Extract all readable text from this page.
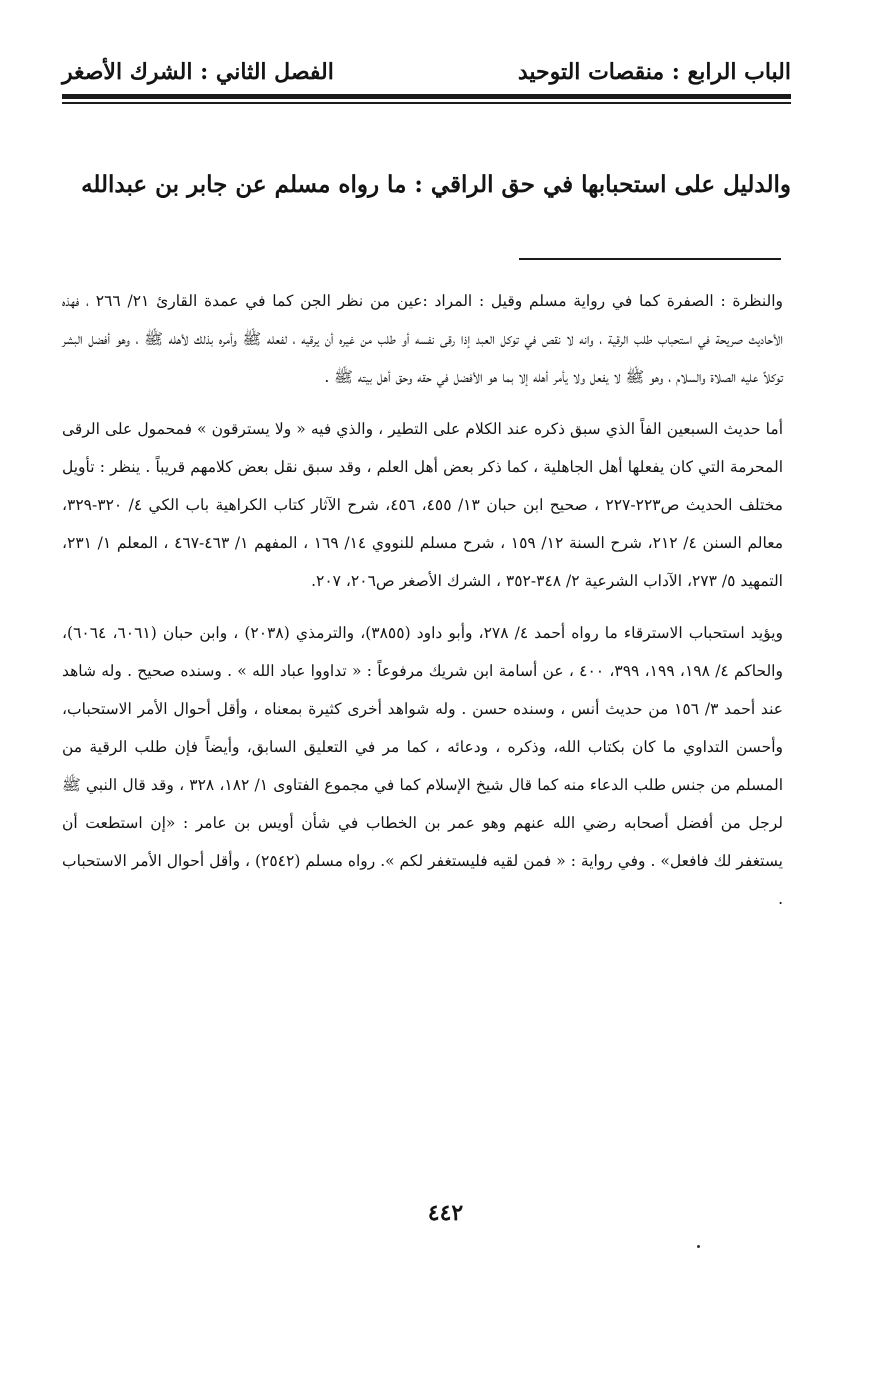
الباب الرابع : منقصات التوحيد
الفصل الثاني : الشرك الأصغر
والدليل على استحبابها في حق الراقي : ما رواه مسلم عن جابر بن عبدالله

والنظرة : الصفرة كما في رواية مسلم وقيل : المراد :عين من نظر الجن كما في عمدة القارئ ٢١/ ٢٦٦ ، فهذه الأحاديث صريحة في استحباب طلب الرقية ، وانه لا نقص في توكل العبد إذا رقى نفسه أو طلب من غيره أن يرقيه ، لفعله ﷺ وأمره بذلك لأهله ﷺ ، وهو أفضل البشر توكلاً عليه الصلاة والسلام ، وهو ﷺ لا يفعل ولا يأمر أهله إلا بما هو الأفضل في حقه وحق أهل بيته ﷺ .

أما حديث السبعين الفاً الذي سبق ذكره عند الكلام على التطير ، والذي فيه « ولا يسترقون » فمحمول على الرقى المحرمة التي كان يفعلها أهل الجاهلية ، كما ذكر بعض أهل العلم ، وقد سبق نقل بعض كلامهم قريباً . ينظر : تأويل مختلف الحديث ص٢٢٣-٢٢٧ ، صحيح ابن حبان ١٣/ ٤٥٥، ٤٥٦، شرح الآثار كتاب الكراهية باب الكي ٤/ ٣٢٠-٣٢٩، معالم السنن ٤/ ٢١٢، شرح السنة ١٢/ ١٥٩ ، شرح مسلم للنووي ١٤/ ١٦٩ ، المفهم ١/ ٤٦٣-٤٦٧ ، المعلم ١/ ٢٣١، التمهيد ٥/ ٢٧٣، الآداب الشرعية ٢/ ٣٤٨-٣٥٢ ، الشرك الأصغر ص٢٠٦، ٢٠٧.

ويؤيد استحباب الاسترقاء ما رواه أحمد ٤/ ٢٧٨، وأبو داود (٣٨٥٥)، والترمذي (٢٠٣٨) ، وابن حبان (٦٠٦١، ٦٠٦٤)، والحاكم ٤/ ١٩٨، ١٩٩، ٣٩٩، ٤٠٠ ، عن أسامة ابن شريك مرفوعاً : « تداووا عباد الله » . وسنده صحيح . وله شاهد عند أحمد ٣/ ١٥٦ من حديث أنس ، وسنده حسن . وله شواهد أخرى كثيرة بمعناه ، وأقل أحوال الأمر الاستحباب، وأحسن التداوي ما كان بكتاب الله، وذكره ، ودعائه ، كما مر في التعليق السابق، وأيضاً فإن طلب الرقية من المسلم من جنس طلب الدعاء منه كما قال شيخ الإسلام كما في مجموع الفتاوى ١/ ١٨٢، ٣٢٨ ، وقد قال النبي ﷺ لرجل من أفضل أصحابه رضي الله عنهم وهو عمر بن الخطاب في شأن أويس بن عامر : «إن استطعت أن يستغفر لك فافعل» . وفي رواية : « فمن لقيه فليستغفر لكم ». رواه مسلم (٢٥٤٢) ، وأقل أحوال الأمر الاستحباب .

٤٤٢
